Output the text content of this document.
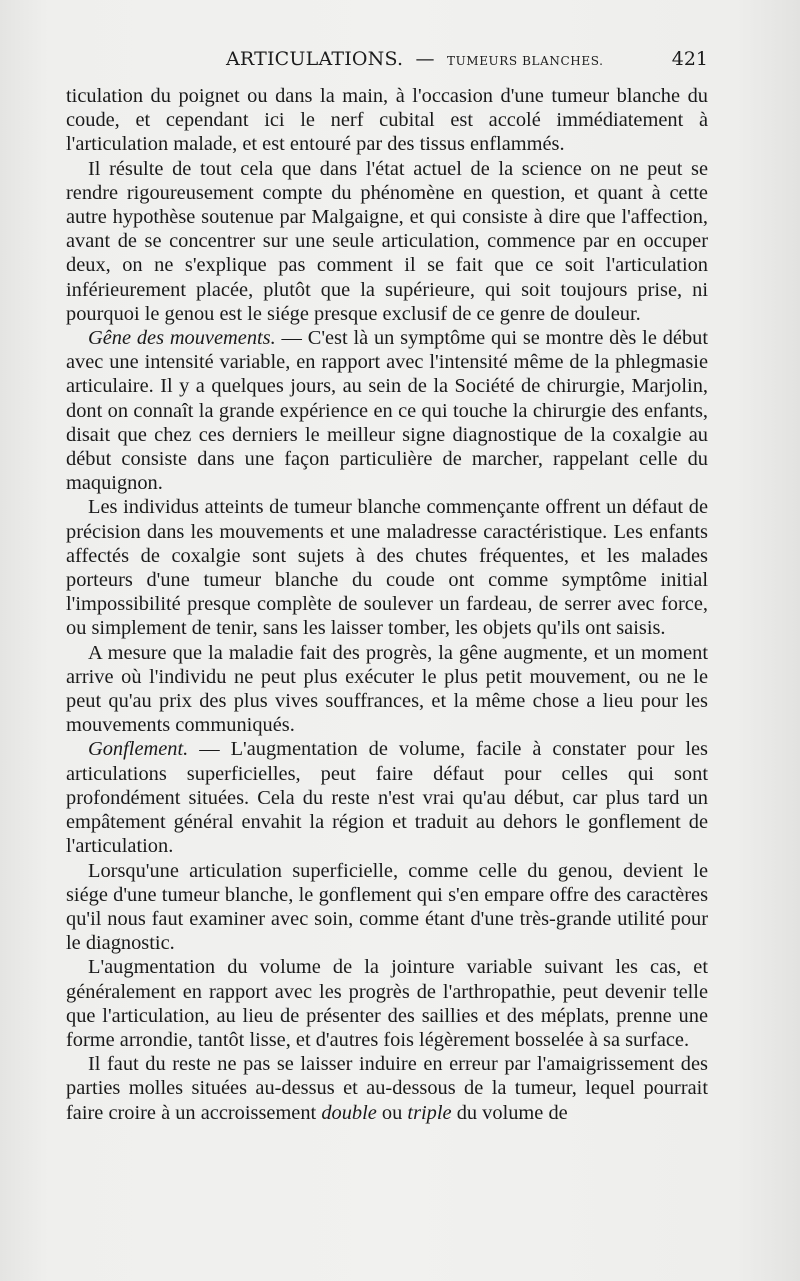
ARTICULATIONS. — TUMEURS BLANCHES.	421

ticulation du poignet ou dans la main, à l'occasion d'une tumeur blanche du coude, et cependant ici le nerf cubital est accolé immédiatement à l'articulation malade, et est entouré par des tissus enflammés.

Il résulte de tout cela que dans l'état actuel de la science on ne peut se rendre rigoureusement compte du phénomène en question, et quant à cette autre hypothèse soutenue par Malgaigne, et qui consiste à dire que l'affection, avant de se concentrer sur une seule articulation, commence par en occuper deux, on ne s'explique pas comment il se fait que ce soit l'articulation inférieurement placée, plutôt que la supérieure, qui soit toujours prise, ni pourquoi le genou est le siége presque exclusif de ce genre de douleur.

Gêne des mouvements. — C'est là un symptôme qui se montre dès le début avec une intensité variable, en rapport avec l'intensité même de la phlegmasie articulaire. Il y a quelques jours, au sein de la Société de chirurgie, Marjolin, dont on connaît la grande expérience en ce qui touche la chirurgie des enfants, disait que chez ces derniers le meilleur signe diagnostique de la coxalgie au début consiste dans une façon particulière de marcher, rappelant celle du maquignon.

Les individus atteints de tumeur blanche commençante offrent un défaut de précision dans les mouvements et une maladresse caractéristique. Les enfants affectés de coxalgie sont sujets à des chutes fréquentes, et les malades porteurs d'une tumeur blanche du coude ont comme symptôme initial l'impossibilité presque complète de soulever un fardeau, de serrer avec force, ou simplement de tenir, sans les laisser tomber, les objets qu'ils ont saisis.

A mesure que la maladie fait des progrès, la gêne augmente, et un moment arrive où l'individu ne peut plus exécuter le plus petit mouvement, ou ne le peut qu'au prix des plus vives souffrances, et la même chose a lieu pour les mouvements communiqués.

Gonflement. — L'augmentation de volume, facile à constater pour les articulations superficielles, peut faire défaut pour celles qui sont profondément situées. Cela du reste n'est vrai qu'au début, car plus tard un empâtement général envahit la région et traduit au dehors le gonflement de l'articulation.

Lorsqu'une articulation superficielle, comme celle du genou, devient le siége d'une tumeur blanche, le gonflement qui s'en empare offre des caractères qu'il nous faut examiner avec soin, comme étant d'une très-grande utilité pour le diagnostic.

L'augmentation du volume de la jointure variable suivant les cas, et généralement en rapport avec les progrès de l'arthropathie, peut devenir telle que l'articulation, au lieu de présenter des saillies et des méplats, prenne une forme arrondie, tantôt lisse, et d'autres fois légèrement bosselée à sa surface.

Il faut du reste ne pas se laisser induire en erreur par l'amaigrissement des parties molles situées au-dessus et au-dessous de la tumeur, lequel pourrait faire croire à un accroissement double ou triple du volume de
